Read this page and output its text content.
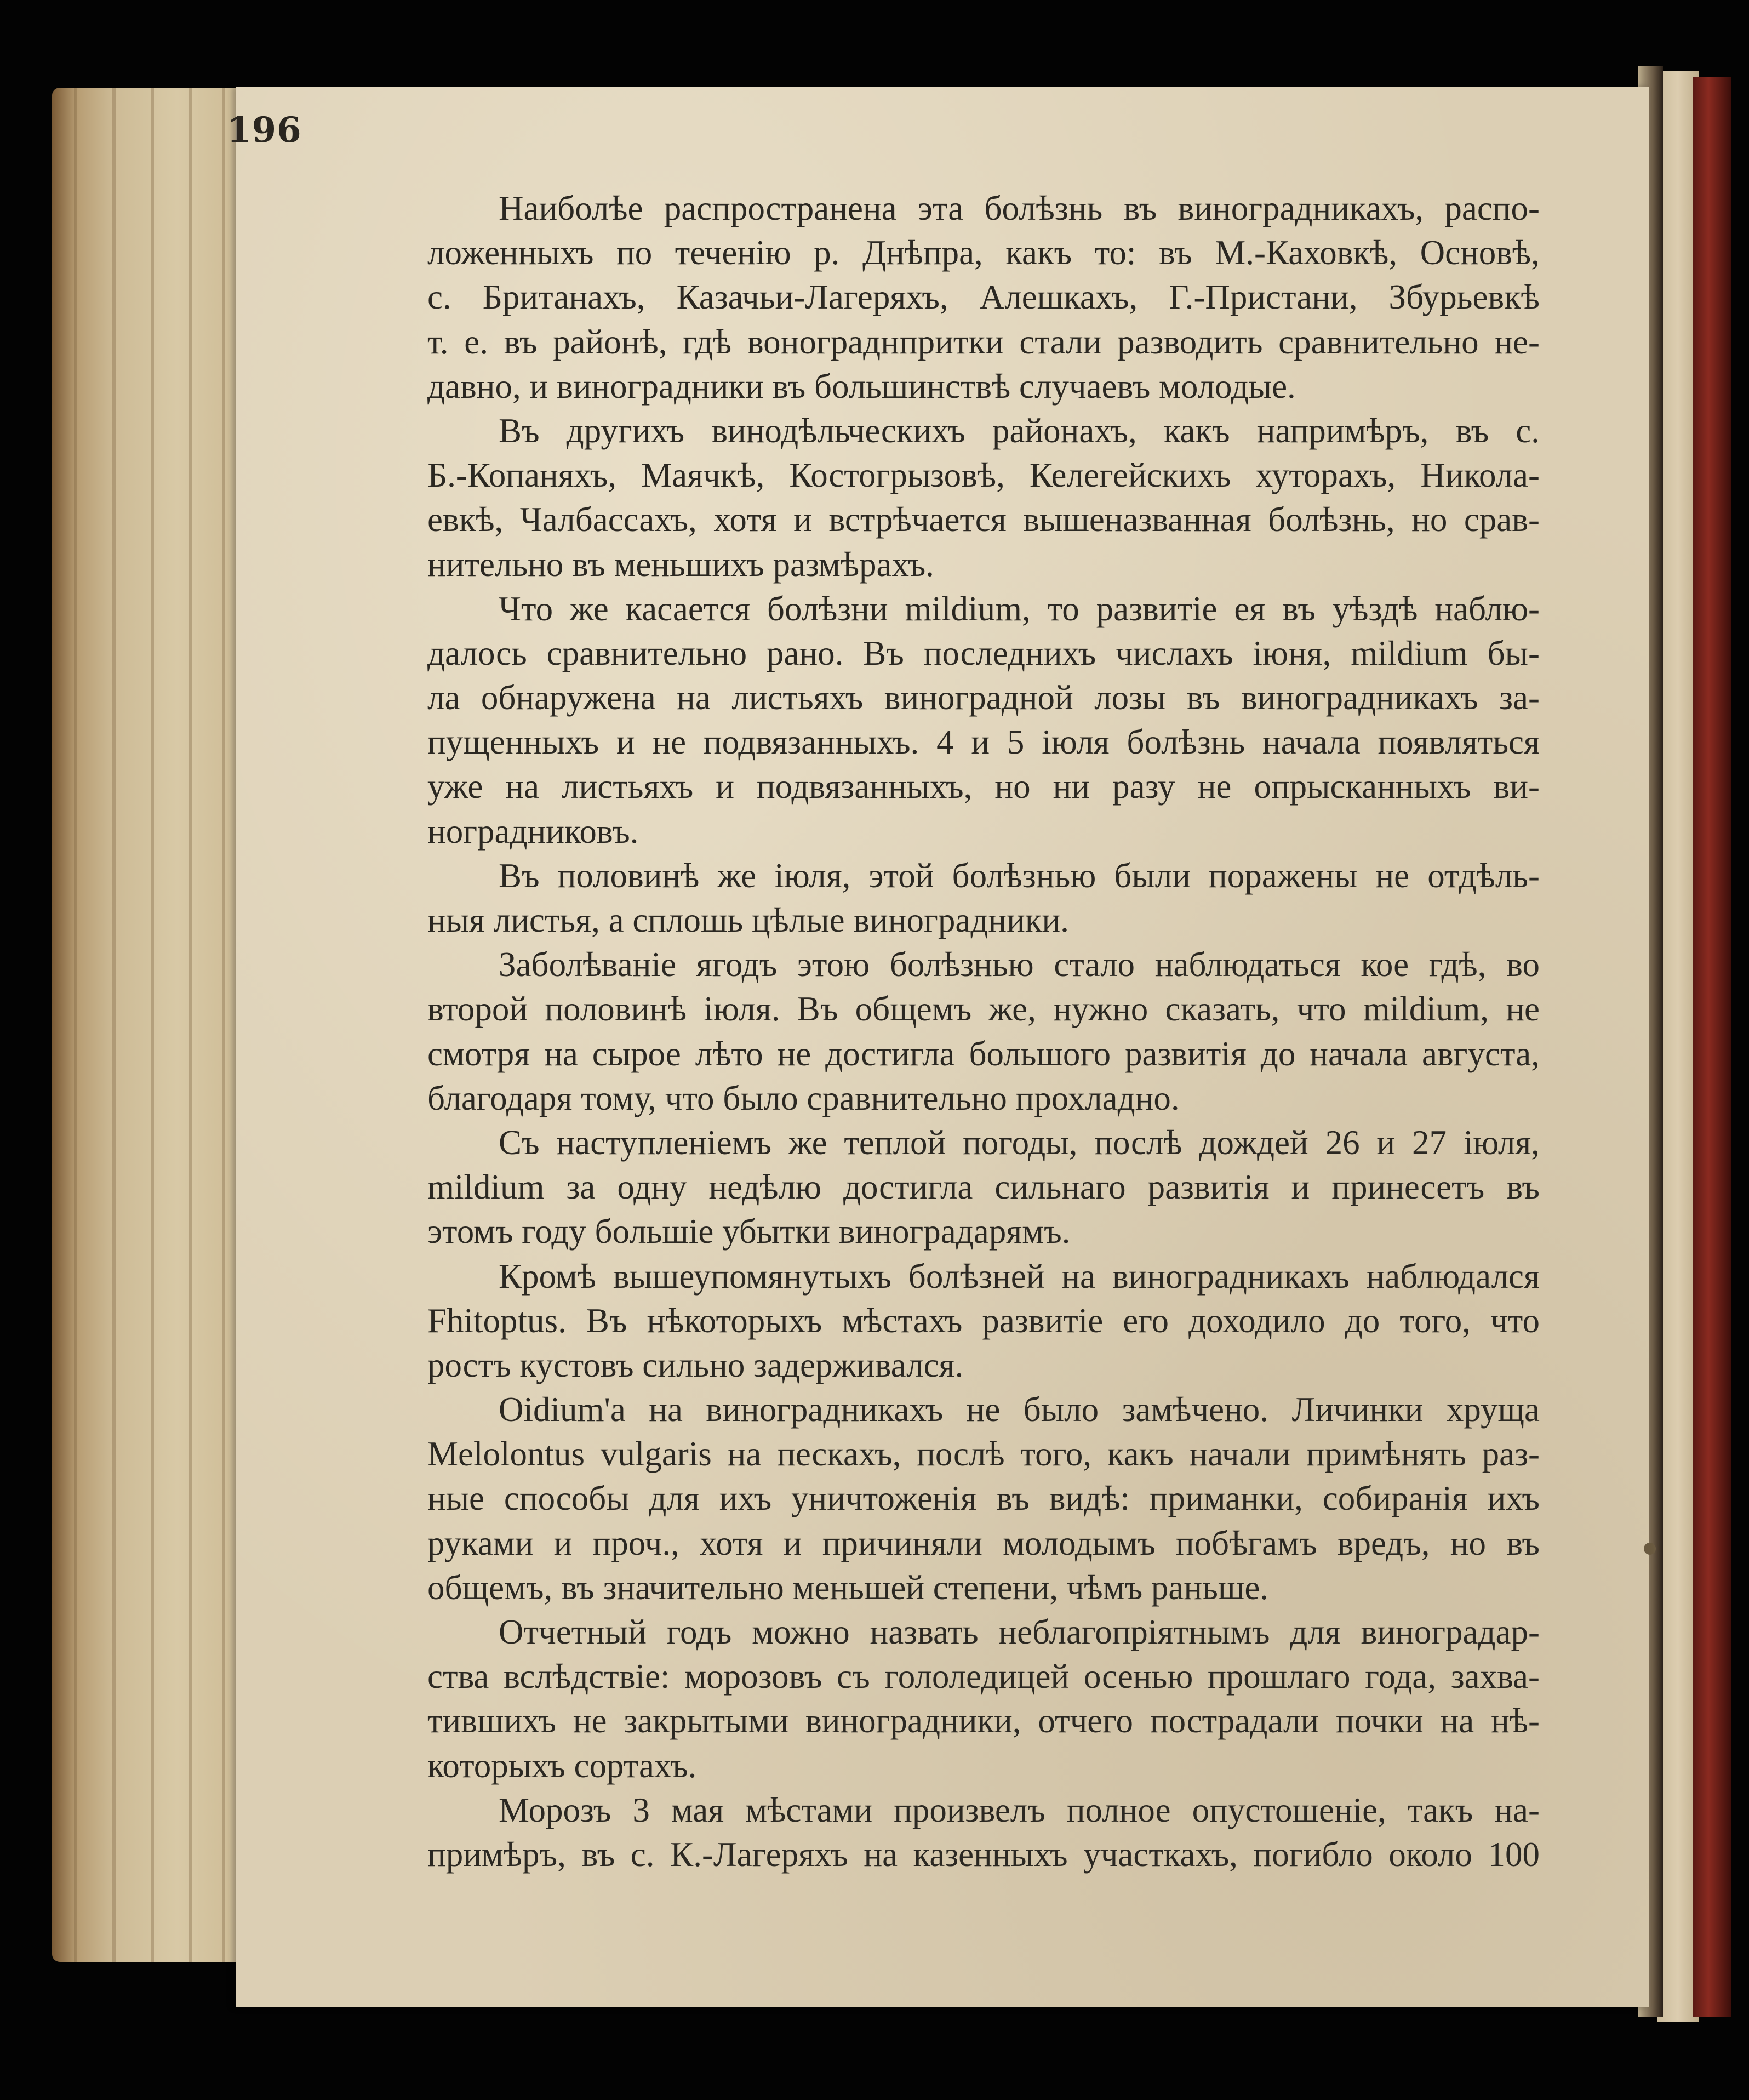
196
Наиболѣе распространена эта болѣзнь въ виноградникахъ, распо-
ложенныхъ по теченію р. Днѣпра, какъ то: въ М.-Каховкѣ, Основѣ,
с. Британахъ, Казачьи-Лагеряхъ, Алешкахъ, Г.-Пристани, Збурьевкѣ
т. е. въ районѣ, гдѣ вонограднпритки стали разводить сравнительно не-
давно, и виноградники въ большинствѣ случаевъ молодые.
Въ другихъ винодѣльческихъ районахъ, какъ напримѣръ, въ с.
Б.-Копаняхъ, Маячкѣ, Костогрызовѣ, Келегейскихъ хуторахъ, Никола-
евкѣ, Чалбассахъ, хотя и встрѣчается вышеназванная болѣзнь, но срав-
нительно въ меньшихъ размѣрахъ.
Что же касается болѣзни mildium, то развитіе ея въ уѣздѣ наблю-
далось сравнительно рано. Въ последнихъ числахъ іюня, mildium бы-
ла обнаружена на листьяхъ виноградной лозы въ виноградникахъ за-
пущенныхъ и не подвязанныхъ. 4 и 5 іюля болѣзнь начала появляться
уже на листьяхъ и подвязанныхъ, но ни разу не опрысканныхъ ви-
ноградниковъ.
Въ половинѣ же іюля, этой болѣзнью были поражены не отдѣль-
ныя листья, а сплошь цѣлые виноградники.
Заболѣваніе ягодъ этою болѣзнью стало наблюдаться кое гдѣ, во
второй половинѣ іюля. Въ общемъ же, нужно сказать, что mildium, не
смотря на сырое лѣто не достигла большого развитія до начала августа,
благодаря тому, что было сравнительно прохладно.
Съ наступленіемъ же теплой погоды, послѣ дождей 26 и 27 іюля,
mildium за одну недѣлю достигла сильнаго развитія и принесетъ въ
этомъ году большіе убытки виноградарямъ.
Кромѣ вышеупомянутыхъ болѣзней на виноградникахъ наблюдался
Fhitoptus. Въ нѣкоторыхъ мѣстахъ развитіе его доходило до того, что
ростъ кустовъ сильно задерживался.
Oidium'а на виноградникахъ не было замѣчено. Личинки хруща
Melolontus vulgaris на пескахъ, послѣ того, какъ начали примѣнять раз-
ные способы для ихъ уничтоженія въ видѣ: приманки, собиранія ихъ
руками и проч., хотя и причиняли молодымъ побѣгамъ вредъ, но въ
общемъ, въ значительно меньшей степени, чѣмъ раньше.
Отчетный годъ можно назвать неблагопріятнымъ для виноградар-
ства вслѣдствіе: морозовъ съ гололедицей осенью прошлаго года, захва-
тившихъ не закрытыми виноградники, отчего пострадали почки на нѣ-
которыхъ сортахъ.
Морозъ 3 мая мѣстами произвелъ полное опустошеніе, такъ на-
примѣръ, въ с. К.-Лагеряхъ на казенныхъ участкахъ, погибло около 100
